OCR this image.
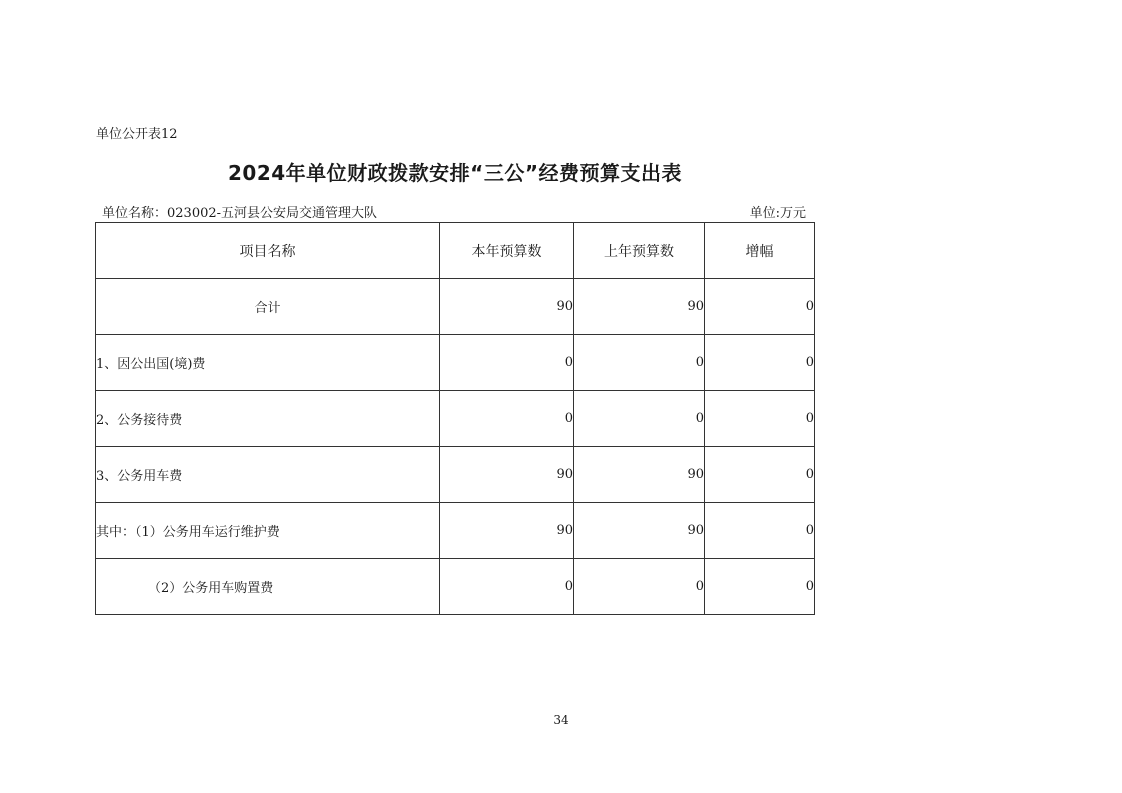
单位公开表12
2024年单位财政拨款安排“三公”经费预算支出表
单位名称：023002-五河县公安局交通管理大队	单位:万元
项目名称	本年预算数	上年预算数	增幅
合计	90	90	0
1、因公出国(境)费	0	0	0
2、公务接待费	0	0	0
3、公务用车费	90	90	0
其中：（1）公务用车运行维护费	90	90	0
（2）公务用车购置费	0	0	0
34
